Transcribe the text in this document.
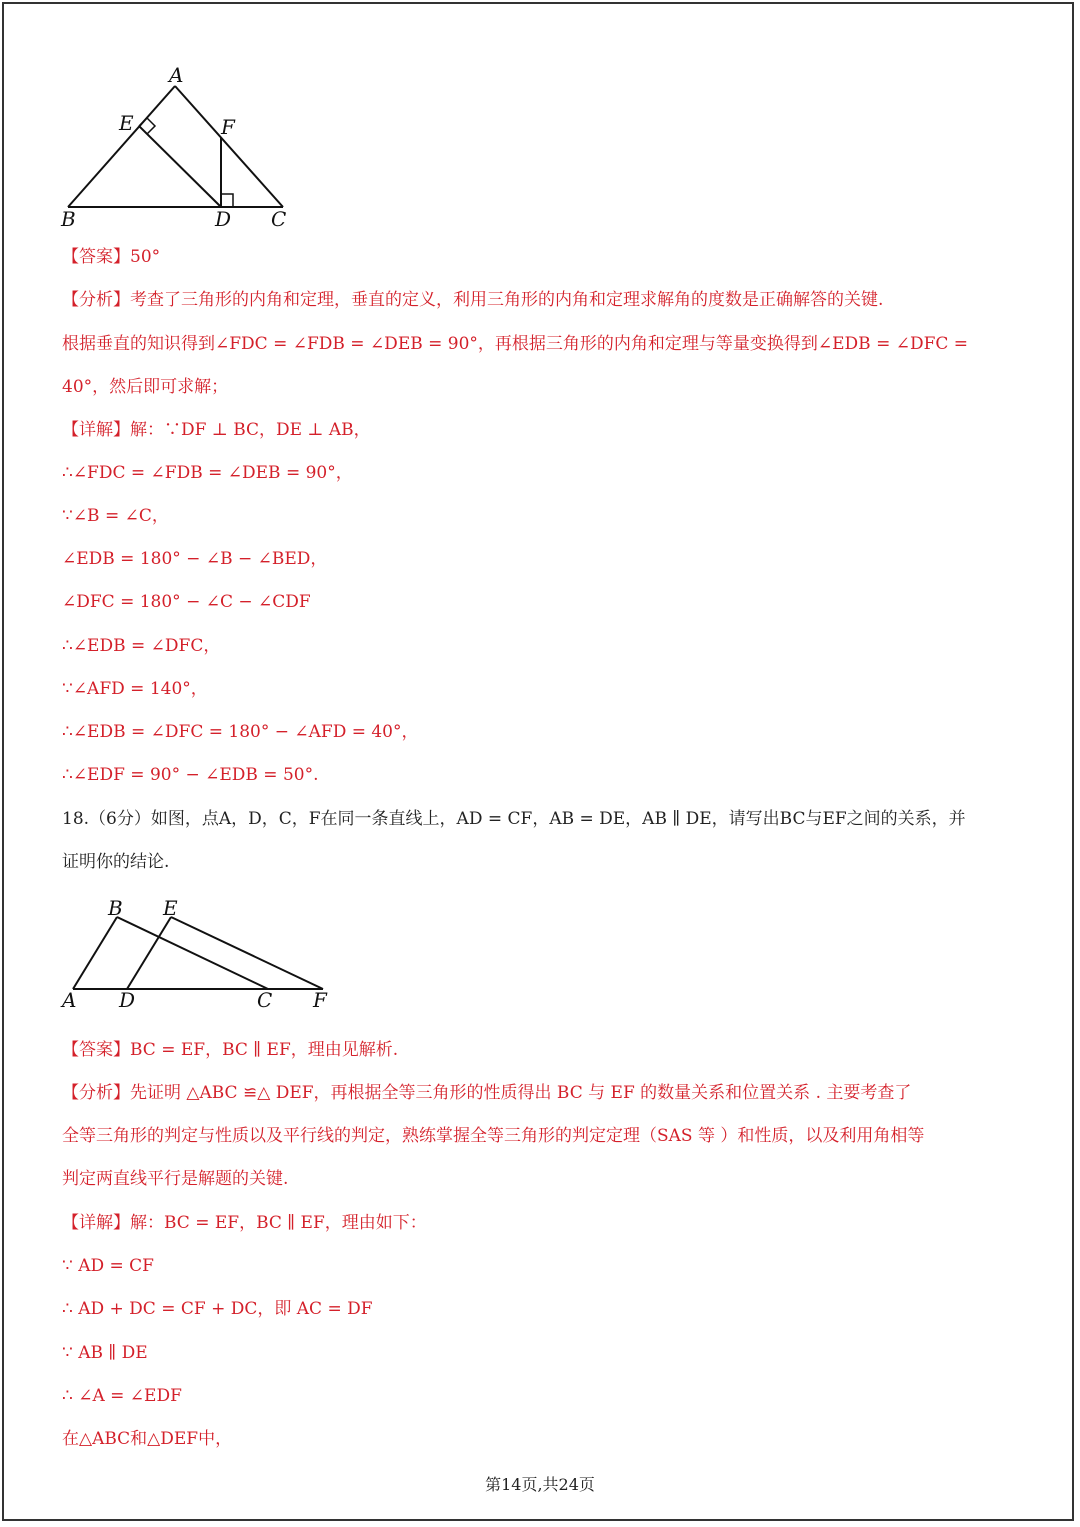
A
E	F
B	D C
【答案】50°
【分析】考查了三角形的内角和定理，垂直的定义，利用三角形的内角和定理求解角的度数是正确解答的关键.
根据垂直的知识得到∠FDC = ∠FDB = ∠DEB = 90°，再根据三角形的内角和定理与等量变换得到∠EDB = ∠DFC =
40°，然后即可求解；
【详解】解：∵DF ⊥ BC，DE ⊥ AB，
∴∠FDC = ∠FDB = ∠DEB = 90°，
∵∠B = ∠C，
∠EDB = 180° − ∠B − ∠BED，
∠DFC = 180° − ∠C − ∠CDF
∴∠EDB = ∠DFC，
∵∠AFD = 140°，
∴∠EDB = ∠DFC = 180° − ∠AFD = 40°，
∴∠EDF = 90° − ∠EDB = 50°.
18.（6分）如图，点A，D，C，F在同一条直线上，AD = CF，AB = DE，AB ∥ DE，请写出BC与EF之间的关系，并
证明你的结论.
B E
A D	C F
【答案】BC = EF，BC ∥ EF，理由见解析.
【分析】先证明 △ABC ≌△ DEF，再根据全等三角形的性质得出 BC 与 EF 的数量关系和位置关系 . 主要考查了
全等三角形的判定与性质以及平行线的判定，熟练掌握全等三角形的判定定理（SAS 等 ）和性质，以及利用角相等
判定两直线平行是解题的关键.
【详解】解：BC = EF，BC ∥ EF，理由如下：
∵ AD = CF
∴ AD + DC = CF + DC，即 AC = DF
∵ AB ∥ DE
∴ ∠A = ∠EDF
在△ABC和△DEF中，
第14页,共24页
